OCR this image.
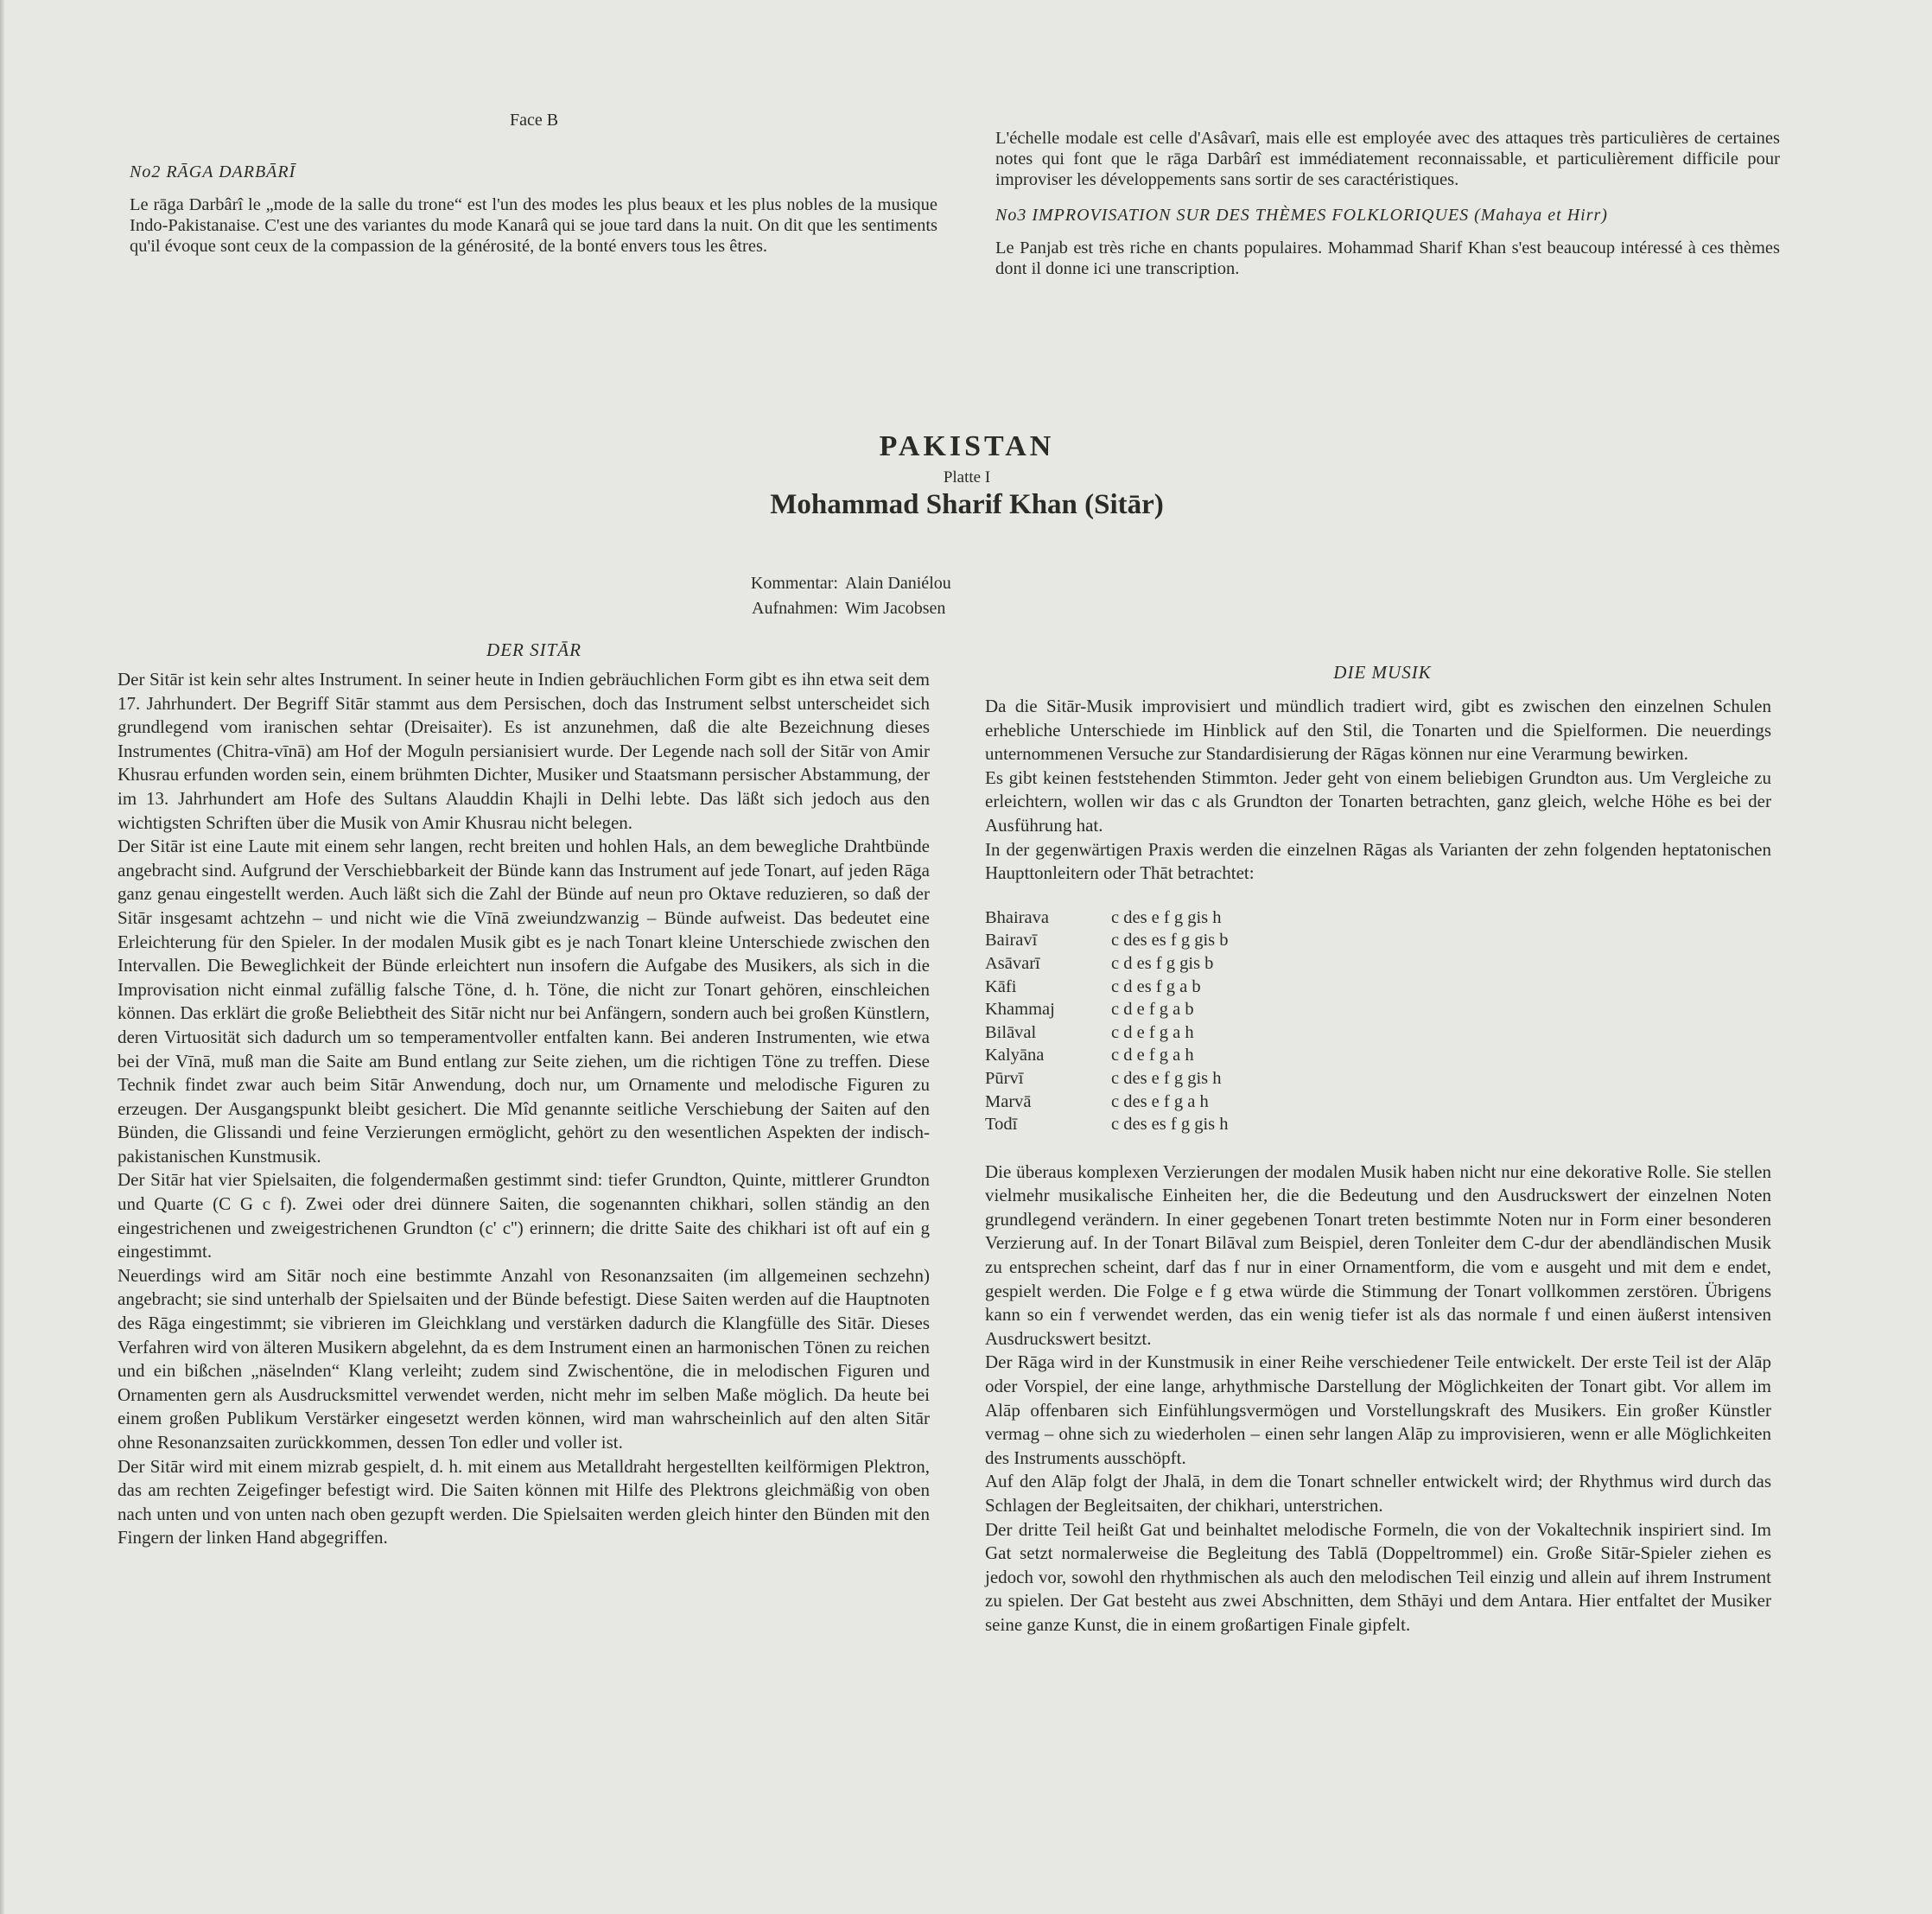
Face B
No2 RĀGA DARBĀRĪ

Le rāga Darbârî le „mode de la salle du trone“ est l'un des modes les plus beaux et les plus nobles de la musique Indo-Pakistanaise. C'est une des variantes du mode Kanarâ qui se joue tard dans la nuit. On dit que les sentiments qu'il évoque sont ceux de la compassion de la générosité, de la bonté envers tous les êtres.

L'échelle modale est celle d'Asâvarî, mais elle est employée avec des attaques très particulières de certaines notes qui font que le rāga Darbârî est immédiatement reconnaissable, et particulièrement difficile pour improviser les développements sans sortir de ses caractéristiques.

No3 IMPROVISATION SUR DES THÈMES FOLKLORIQUES (Mahaya et Hirr)

Le Panjab est très riche en chants populaires. Mohammad Sharif Khan s'est beaucoup intéressé à ces thèmes dont il donne ici une transcription.

PAKISTAN
Platte I
Mohammad Sharif Khan (Sitār)
Kommentar: Alain Daniélou
Aufnahmen: Wim Jacobsen
DER SITĀR

Der Sitār ist kein sehr altes Instrument. In seiner heute in Indien gebräuchlichen Form gibt es ihn etwa seit dem 17. Jahrhundert. Der Begriff Sitār stammt aus dem Persischen, doch das Instrument selbst unterscheidet sich grundlegend vom iranischen sehtar (Dreisaiter). Es ist anzunehmen, daß die alte Bezeichnung dieses Instrumentes (Chitra-vīnā) am Hof der Moguln persianisiert wurde. Der Legende nach soll der Sitār von Amir Khusrau erfunden worden sein, einem brühmten Dichter, Musiker und Staatsmann persischer Abstammung, der im 13. Jahrhundert am Hofe des Sultans Alauddin Khajli in Delhi lebte. Das läßt sich jedoch aus den wichtigsten Schriften über die Musik von Amir Khusrau nicht belegen.

Der Sitār ist eine Laute mit einem sehr langen, recht breiten und hohlen Hals, an dem bewegliche Drahtbünde angebracht sind. Aufgrund der Verschiebbarkeit der Bünde kann das Instrument auf jede Tonart, auf jeden Rāga ganz genau eingestellt werden. Auch läßt sich die Zahl der Bünde auf neun pro Oktave reduzieren, so daß der Sitār insgesamt achtzehn – und nicht wie die Vīnā zweiundzwanzig – Bünde aufweist. Das bedeutet eine Erleichterung für den Spieler. In der modalen Musik gibt es je nach Tonart kleine Unterschiede zwischen den Intervallen. Die Beweglichkeit der Bünde erleichtert nun insofern die Aufgabe des Musikers, als sich in die Improvisation nicht einmal zufällig falsche Töne, d. h. Töne, die nicht zur Tonart gehören, einschleichen können. Das erklärt die große Beliebtheit des Sitār nicht nur bei Anfängern, sondern auch bei großen Künstlern, deren Virtuosität sich dadurch um so temperamentvoller entfalten kann. Bei anderen Instrumenten, wie etwa bei der Vīnā, muß man die Saite am Bund entlang zur Seite ziehen, um die richtigen Töne zu treffen. Diese Technik findet zwar auch beim Sitār Anwendung, doch nur, um Ornamente und melodische Figuren zu erzeugen. Der Ausgangspunkt bleibt gesichert. Die Mîd genannte seitliche Verschiebung der Saiten auf den Bünden, die Glissandi und feine Verzierungen ermöglicht, gehört zu den wesentlichen Aspekten der indisch-pakistanischen Kunstmusik.

Der Sitār hat vier Spielsaiten, die folgendermaßen gestimmt sind: tiefer Grundton, Quinte, mittlerer Grundton und Quarte (C G c f). Zwei oder drei dünnere Saiten, die sogenannten chikhari, sollen ständig an den eingestrichenen und zweigestrichenen Grundton (c' c'') erinnern; die dritte Saite des chikhari ist oft auf ein g eingestimmt.

Neuerdings wird am Sitār noch eine bestimmte Anzahl von Resonanzsaiten (im allgemeinen sechzehn) angebracht; sie sind unterhalb der Spielsaiten und der Bünde befestigt. Diese Saiten werden auf die Hauptnoten des Rāga eingestimmt; sie vibrieren im Gleichklang und verstärken dadurch die Klangfülle des Sitār. Dieses Verfahren wird von älteren Musikern abgelehnt, da es dem Instrument einen an harmonischen Tönen zu reichen und ein bißchen „näselnden“ Klang verleiht; zudem sind Zwischentöne, die in melodischen Figuren und Ornamenten gern als Ausdrucksmittel verwendet werden, nicht mehr im selben Maße möglich. Da heute bei einem großen Publikum Verstärker eingesetzt werden können, wird man wahrscheinlich auf den alten Sitār ohne Resonanzsaiten zurückkommen, dessen Ton edler und voller ist.

Der Sitār wird mit einem mizrab gespielt, d. h. mit einem aus Metalldraht hergestellten keilförmigen Plektron, das am rechten Zeigefinger befestigt wird. Die Saiten können mit Hilfe des Plektrons gleichmäßig von oben nach unten und von unten nach oben gezupft werden. Die Spielsaiten werden gleich hinter den Bünden mit den Fingern der linken Hand abgegriffen.

DIE MUSIK

Da die Sitār-Musik improvisiert und mündlich tradiert wird, gibt es zwischen den einzelnen Schulen erhebliche Unterschiede im Hinblick auf den Stil, die Tonarten und die Spielformen. Die neuerdings unternommenen Versuche zur Standardisierung der Rāgas können nur eine Verarmung bewirken.

Es gibt keinen feststehenden Stimmton. Jeder geht von einem beliebigen Grundton aus. Um Vergleiche zu erleichtern, wollen wir das c als Grundton der Tonarten betrachten, ganz gleich, welche Höhe es bei der Ausführung hat.

In der gegenwärtigen Praxis werden die einzelnen Rāgas als Varianten der zehn folgenden heptatonischen Haupttonleitern oder Thāt betrachtet:

Bhairava	c des e f g gis h
Bairavī	c des es f g gis b
Asāvarī	c d es f g gis b
Kāfi	c d es f g a b
Khammaj	c d e f g a b
Bilāval	c d e f g a h
Kalyāna	c d e f g a h
Pūrvī	c des e f g gis h
Marvā	c des e f g a h
Todī	c des es f g gis h

Die überaus komplexen Verzierungen der modalen Musik haben nicht nur eine dekorative Rolle. Sie stellen vielmehr musikalische Einheiten her, die die Bedeutung und den Ausdruckswert der einzelnen Noten grundlegend verändern. In einer gegebenen Tonart treten bestimmte Noten nur in Form einer besonderen Verzierung auf. In der Tonart Bilāval zum Beispiel, deren Tonleiter dem C-dur der abendländischen Musik zu entsprechen scheint, darf das f nur in einer Ornamentform, die vom e ausgeht und mit dem e endet, gespielt werden. Die Folge e f g etwa würde die Stimmung der Tonart vollkommen zerstören. Übrigens kann so ein f verwendet werden, das ein wenig tiefer ist als das normale f und einen äußerst intensiven Ausdruckswert besitzt.

Der Rāga wird in der Kunstmusik in einer Reihe verschiedener Teile entwickelt. Der erste Teil ist der Alāp oder Vorspiel, der eine lange, arhythmische Darstellung der Möglichkeiten der Tonart gibt. Vor allem im Alāp offenbaren sich Einfühlungsvermögen und Vorstellungskraft des Musikers. Ein großer Künstler vermag – ohne sich zu wiederholen – einen sehr langen Alāp zu improvisieren, wenn er alle Möglichkeiten des Instruments ausschöpft.

Auf den Alāp folgt der Jhalā, in dem die Tonart schneller entwickelt wird; der Rhythmus wird durch das Schlagen der Begleitsaiten, der chikhari, unterstrichen.

Der dritte Teil heißt Gat und beinhaltet melodische Formeln, die von der Vokaltechnik inspiriert sind. Im Gat setzt normalerweise die Begleitung des Tablā (Doppeltrommel) ein. Große Sitār-Spieler ziehen es jedoch vor, sowohl den rhythmischen als auch den melodischen Teil einzig und allein auf ihrem Instrument zu spielen. Der Gat besteht aus zwei Abschnitten, dem Sthāyi und dem Antara. Hier entfaltet der Musiker seine ganze Kunst, die in einem großartigen Finale gipfelt.
